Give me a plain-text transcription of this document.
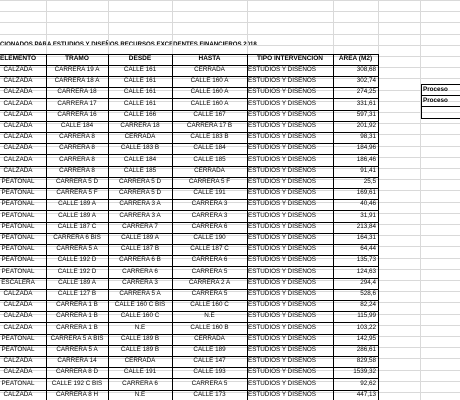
ELEMENTO	TRAMO	DESDE	HASTA	TIPO INTERVENCIÓN	ÁREA (M2)
CALZADA	CARRERA 19 A	CALLE 161	CERRADA	ESTUDIOS Y DISEÑOS	308,68
CALZADA	CARRERA 18 A	CALLE 161	CALLE 160 A	ESTUDIOS Y DISEÑOS	302,74
CALZADA	CARRERA 18	CALLE 161	CALLE 160 A	ESTUDIOS Y DISEÑOS	274,25
CALZADA	CARRERA 17	CALLE 161	CALLE 160 A	ESTUDIOS Y DISEÑOS	331,61
CALZADA	CARRERA 16	CALLE 166	CALLE 167	ESTUDIOS Y DISEÑOS	597,31
CALZADA	CALLE 184	CARRERA 18	CARRERA 17 B	ESTUDIOS Y DISEÑOS	201,92
CALZADA	CARRERA 8	CERRADA	CALLE 183 B	ESTUDIOS Y DISEÑOS	98,31
CALZADA	CARRERA 8	CALLE 183 B	CALLE 184	ESTUDIOS Y DISEÑOS	184,96
CALZADA	CARRERA 8	CALLE 184	CALLE 185	ESTUDIOS Y DISEÑOS	186,46
CALZADA	CARRERA 8	CALLE 185	CERRADA	ESTUDIOS Y DISEÑOS	91,41
PEATONAL	CARRERA 5 D	CARRERA 5 D	CARRERA 5 F	ESTUDIOS Y DISEÑOS	25,5
PEATONAL	CARRERA 5 F	CARRERA 5 D	CALLE 191	ESTUDIOS Y DISEÑOS	169,61
PEATONAL	CALLE 189 A	CARRERA 3 A	CARRERA 3	ESTUDIOS Y DISEÑOS	40,46
PEATONAL	CALLE 189 A	CARRERA 3 A	CARRERA 3	ESTUDIOS Y DISEÑOS	31,91
PEATONAL	CALLE 187 C	CARRERA 7	CARRERA 6	ESTUDIOS Y DISEÑOS	213,84
PEATONAL	CARRERA 6 BIS	CALLE 189 A	CALLE 190	ESTUDIOS Y DISEÑOS	164,31
PEATONAL	CARRERA 5 A	CALLE 187 B	CALLE 187 C	ESTUDIOS Y DISEÑOS	64,44
PEATONAL	CALLE 192 D	CARRERA 6 B	CARRERA 6	ESTUDIOS Y DISEÑOS	135,73
PEATONAL	CALLE 192 D	CARRERA 6	CARRERA 5	ESTUDIOS Y DISEÑOS	124,63
ESCALERA	CALLE 189 A	CARRERA 3	CARRERA 2 A	ESTUDIOS Y DISEÑOS	294,4
CALZADA	CALLE 127 B	CARRERA 5 A	CARRERA 5	ESTUDIOS Y DISEÑOS	528,6
CALZADA	CARRERA 1 B	CALLE 160 C BIS	CALLE 160 C	ESTUDIOS Y DISEÑOS	82,24
CALZADA	CARRERA 1 B	CALLE 160 C	N.E	ESTUDIOS Y DISEÑOS	115,99
CALZADA	CARRERA 1 B	N.E	CALLE 160 B	ESTUDIOS Y DISEÑOS	103,22
PEATONAL	CARRERA 5 A BIS	CALLE 189 B	CERRADA	ESTUDIOS Y DISEÑOS	142,95
PEATONAL	CARRERA 5 A	CALLE 189 B	CALLE 189	ESTUDIOS Y DISEÑOS	286,61
CALZADA	CARRERA 14	CERRADA	CALLE 147	ESTUDIOS Y DISEÑOS	829,58
CALZADA	CARRERA 8 D	CALLE 191	CALLE 193	ESTUDIOS Y DISEÑOS	1539,32
PEATONAL	CALLE 192 C BIS	CARRERA 6	CARRERA 5	ESTUDIOS Y DISEÑOS	92,62
CALZADA	CARRERA 8 H	N.E	CALLE 173	ESTUDIOS Y DISEÑOS	447,13
Proceso
Proceso
